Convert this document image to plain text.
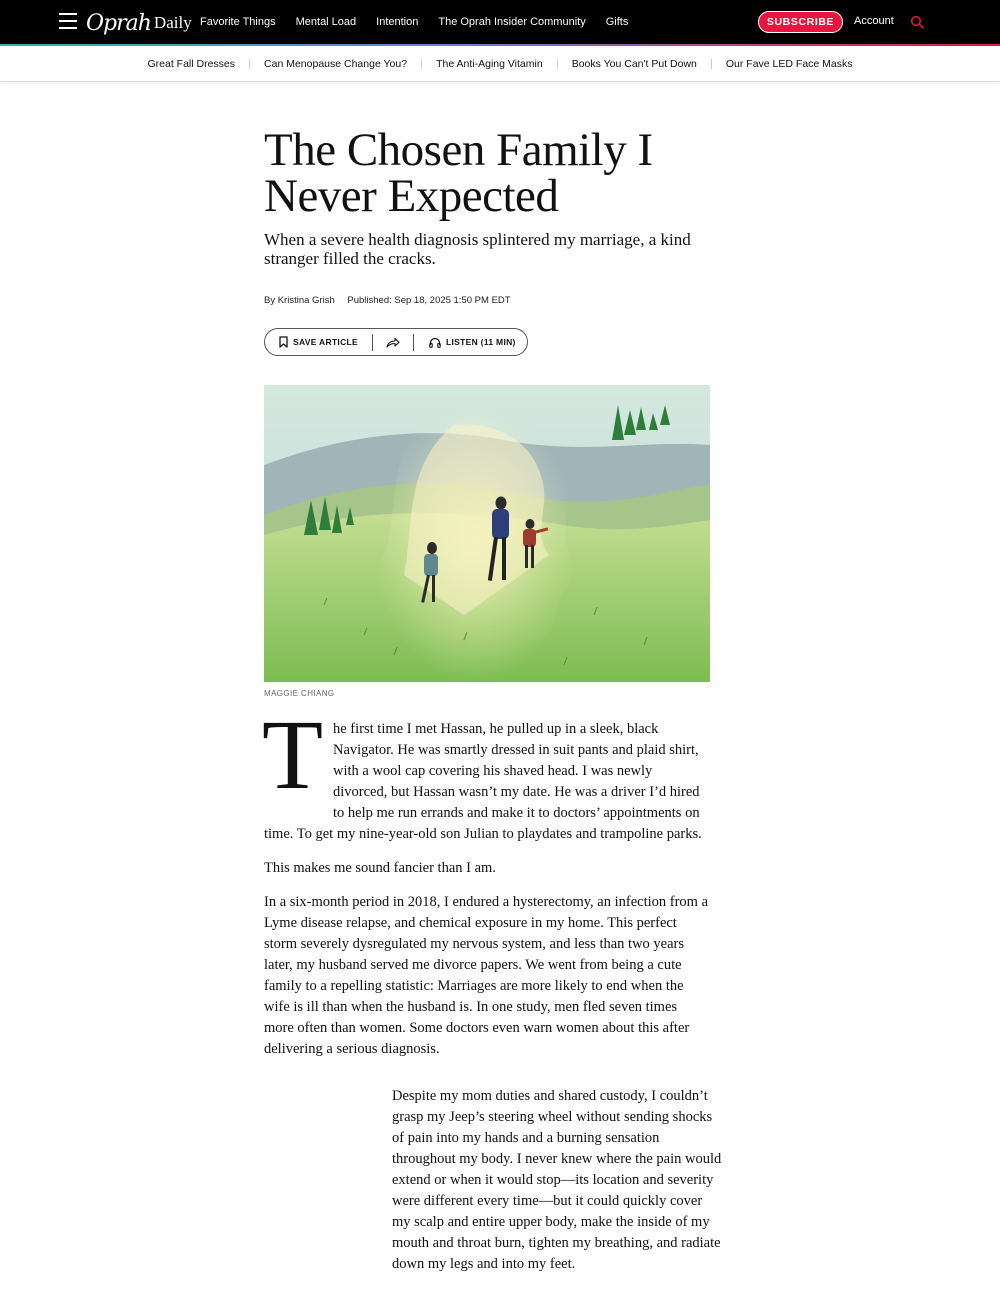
Oprah Daily Favorite Things Mental Load Intention The Oprah Insider Community Gifts	SUBSCRIBE	Account
Great Fall Dresses	Can Menopause Change You?	The Anti-Aging Vitamin	Books You Can't Put Down	Our Fave LED Face Masks
The Chosen Family I Never Expected

When a severe health diagnosis splintered my marriage, a kind stranger filled the cracks.

By Kristina Grish Published: Sep 18, 2025 1:50 PM EDT
SAVE ARTICLE	LISTEN (11 MIN)
MAGGIE CHIANG
T he first time I met Hassan, he pulled up in a sleek, black Navigator. He was smartly dressed in suit pants and plaid shirt, with a wool cap covering his shaved head. I was newly divorced, but Hassan wasn’t my date. He was a driver I’d hired to help me run errands and make it to doctors’ appointments on time. To get my nine-year-old son Julian to playdates and trampoline parks.

This makes me sound fancier than I am.

In a six-month period in 2018, I endured a hysterectomy, an infection from a Lyme disease relapse, and chemical exposure in my home. This perfect storm severely dysregulated my nervous system, and less than two years later, my husband served me divorce papers. We went from being a cute family to a repelling statistic: Marriages are more likely to end when the wife is ill than when the husband is. In one study, men fled seven times more often than women. Some doctors even warn women about this after delivering a serious diagnosis.

Despite my mom duties and shared custody, I couldn’t grasp my Jeep’s steering wheel without sending shocks of pain into my hands and a burning sensation throughout my body. I never knew where the pain would extend or when it would stop—its location and severity were different every time—but it could quickly cover my scalp and entire upper body, make the inside of my mouth and throat burn, tighten my breathing, and radiate down my legs and into my feet.
